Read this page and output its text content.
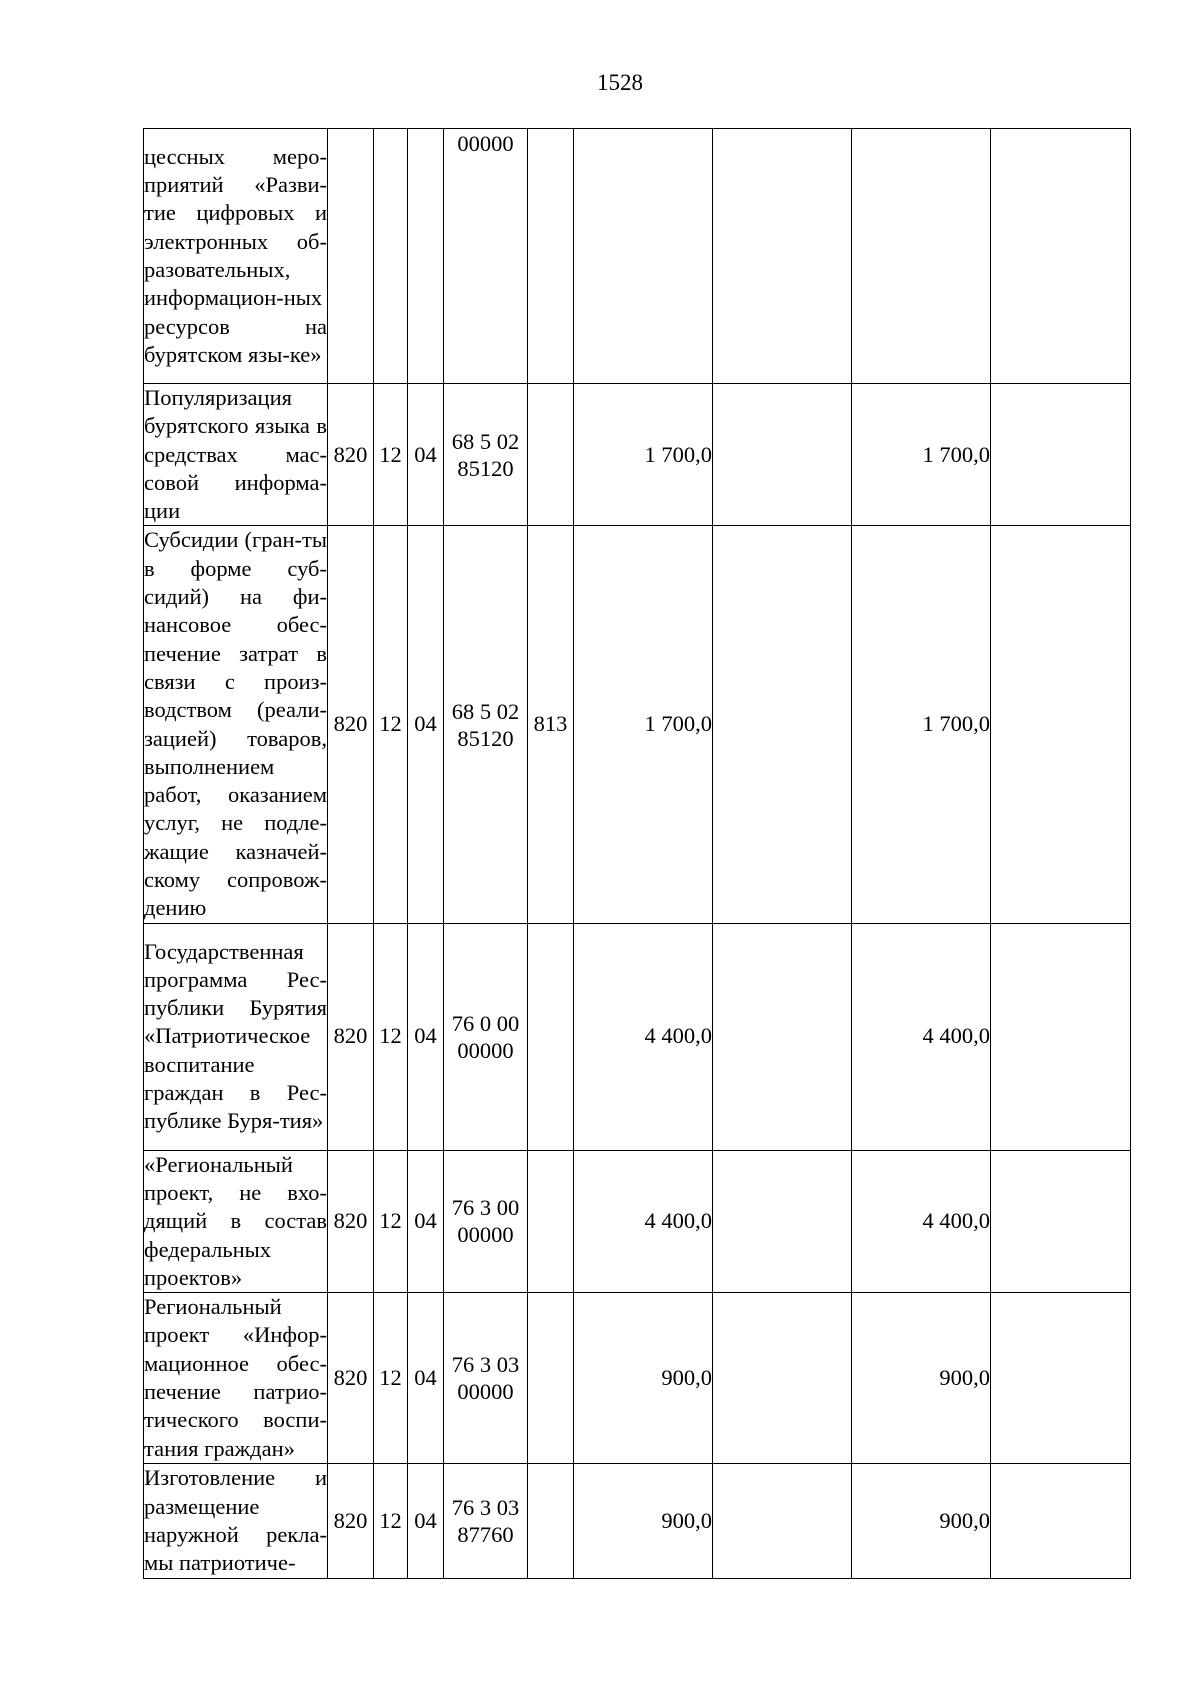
1528
цессных меро-приятий «Разви-тие цифровых и электронных об-разовательных, информацион-ных ресурсов на бурятском язы-ке»				00000					
Популяризация бурятского языка в средствах мас-совой информа-ции	820	12	04	68 5 02 85120		1 700,0		1 700,0	
Субсидии (гран-ты в форме суб-сидий) на фи-нансовое обес-печение затрат в связи с произ-водством (реали-зацией) товаров, выполнением работ, оказанием услуг, не подле-жащие казначей-скому сопровож-дению	820	12	04	68 5 02 85120	813	1 700,0		1 700,0	
Государственная программа Рес-публики Бурятия «Патриотическое воспитание граждан в Рес-публике Буря-тия»	820	12	04	76 0 00 00000		4 400,0		4 400,0	
«Региональный проект, не вхо-дящий в состав федеральных проектов»	820	12	04	76 3 00 00000		4 400,0		4 400,0	
Региональный проект «Инфор-мационное обес-печение патрио-тического воспи-тания граждан»	820	12	04	76 3 03 00000		900,0		900,0	
Изготовление и размещение наружной рекла-мы патриотиче-	820	12	04	76 3 03 87760		900,0		900,0	
